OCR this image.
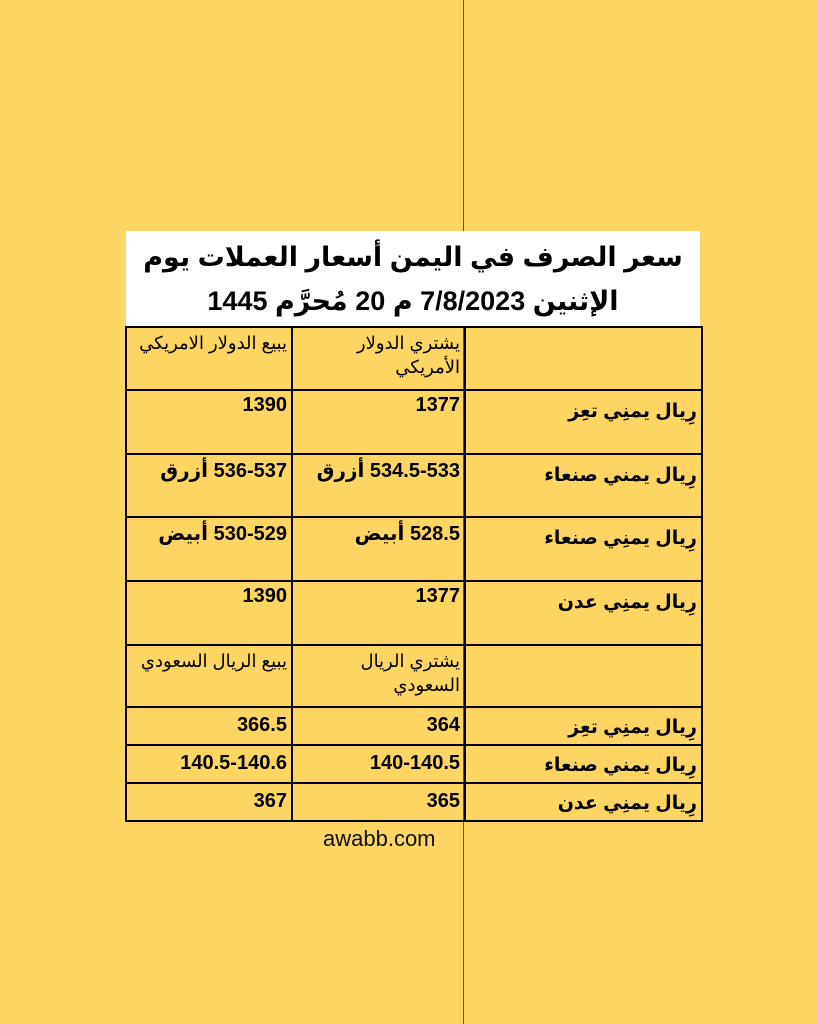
سعر الصرف في اليمن أسعار العملات يوم
الإثنين 7/8/2023 م 20 مُحرَّم 1445
	يشتري الدولار الأمريكي	يبيع الدولار الامريكي

رِيال يمنِي تعِز	1377	1390

رِيال يمني صنعاء	534.5-533 أزرق	536-537 أزرق

رِيال يمنِي صنعاء	528.5 أبيض	530-529 أبيض

رِيال يمنِي عدن	1377	1390
	يشتري الريال السعودي	يبيع الريال السعودي

رِيال يمنِي تعِز	364	366.5

رِيال يمني صنعاء	140-140.5	140.5-140.6

رِيال يمنِي عدن	365	367
awabb.com
